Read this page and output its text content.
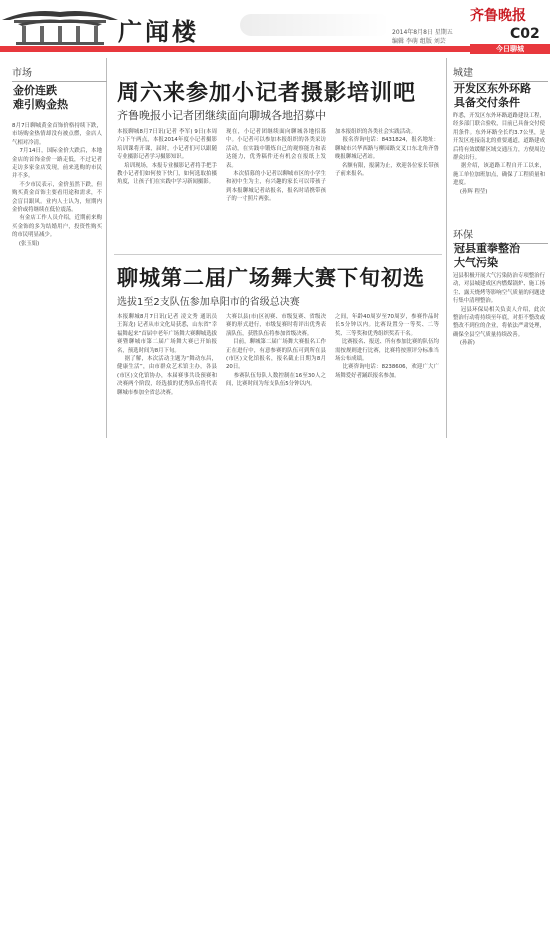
广闻楼
齐鲁晚报
2014年8月8日 星期五
编辑 李萌 组版 刘芸	C02
今日聊城
市场
金价连跌
难引购金热
8月7日聊城黄金首饰价格持续下跌，市场购金热情却没有被点燃，金店人气相对冷清。
7月14日，国际金价大跌后，本地金店的首饰金价一路走低，不过记者走访多家金店发现，前来选购的市民并不多。
不少市民表示，金价虽然下跌，但购买黄金首饰主要看用途和需求，不会盲目跟风。业内人士认为，短期内金价或将继续在低位震荡。
有金店工作人员介绍，近期前来购买金饰的多为结婚用户，投资性购买的市民明显减少。
(张玉娟)
周六来参加小记者摄影培训吧
齐鲁晚报小记者团继续面向聊城各地招募中
本报聊城8月7日讯(记者 李军) 9日(本周六)下午两点，本报2014年度小记者摄影培训课将开课，届时，小记者们可以跟随专业摄影记者学习摄影知识。
培训现场，本报专业摄影记者将手把手教小记者们如何按下快门，如何选取拍摄角度，让孩子们在实践中学习新闻摄影。
现在，小记者团继续面向聊城各地招募中。小记者可以参加本报组织的各类采访活动，在实践中锻炼自己的观察能力和表达能力，优秀稿件还有机会在报纸上发表。
本次招募的小记者以聊城市区的小学生和初中生为主，有兴趣的家长可以带孩子到本报聊城记者站报名，报名时请携带孩子的一寸照片两张。
加本报组织的各类社会实践活动。
报名咨询电话：8431824，报名地址：聊城市兴华西路与柳园路交叉口东北角齐鲁晚报聊城记者站。
名额有限，报满为止，欢迎各位家长带孩子前来报名。
聊城第二届广场舞大赛下旬初选
选拔1至2支队伍参加阜阳市的省级总决赛
本报聊城8月7日讯(记者 凌文秀 通讯员 王海龙) 记者从市文化局获悉，山东省“幸福舞起来”首届中老年广场舞大赛聊城选拔赛暨聊城市第二届广场舞大赛已开始报名，预选时间为8月下旬。
据了解，本次活动主题为“舞动东昌，健康生活”，由市群众艺术馆主办，各县(市区)文化馆协办，本届赛事共设预赛和决赛两个阶段，经选拔的优秀队伍将代表聊城市参加全省总决赛。
大赛以县(市)区初赛、市级复赛、省级决赛的形式进行，市级复赛时将评出优秀表演队伍，获胜队伍将参加省级决赛。
目前，聊城第二届广场舞大赛报名工作正在进行中，有意参赛的队伍可到所在县(市区)文化馆报名，报名截止日期为8月20日。
参赛队伍每队人数控制在16至30人之间，比赛时间为每支队伍5分钟以内。
之间，年龄40周岁至70周岁，参赛作品时长5分钟以内。比赛设置分一等奖、二等奖、三等奖和优秀组织奖若干名。
比赛报名、报送、所有参加比赛的队伍均需按规则进行比赛，比赛将按照评分标准当场公布成绩。
比赛咨询电话：8238606，欢迎广大广场舞爱好者踊跃报名参加。
城建
开发区东外环路
具备交付条件
昨悉，开发区东外环路道路建设工程，经多部门联合验收，目前已具备交付使用条件。东外环路全长约3.7公里，是开发区连接南北的重要通道，道路建成后将有效缓解区域交通压力，方便周边群众出行。
据介绍，该道路工程自开工以来，施工单位加班加点，确保了工程质量和进度。
(孙辉 程莹)
环保
冠县重拳整治
大气污染
冠县积极开展大气污染防治专项整治行动，对县城建成区内燃煤锅炉、施工扬尘、露天烧烤等影响空气质量的问题进行集中清理整治。
冠县环保局相关负责人介绍，此次整治行动将持续至年底，对拒不整改或整改不到位的企业，将依法严肃处理，确保全县空气质量持续改善。
(孙新)
